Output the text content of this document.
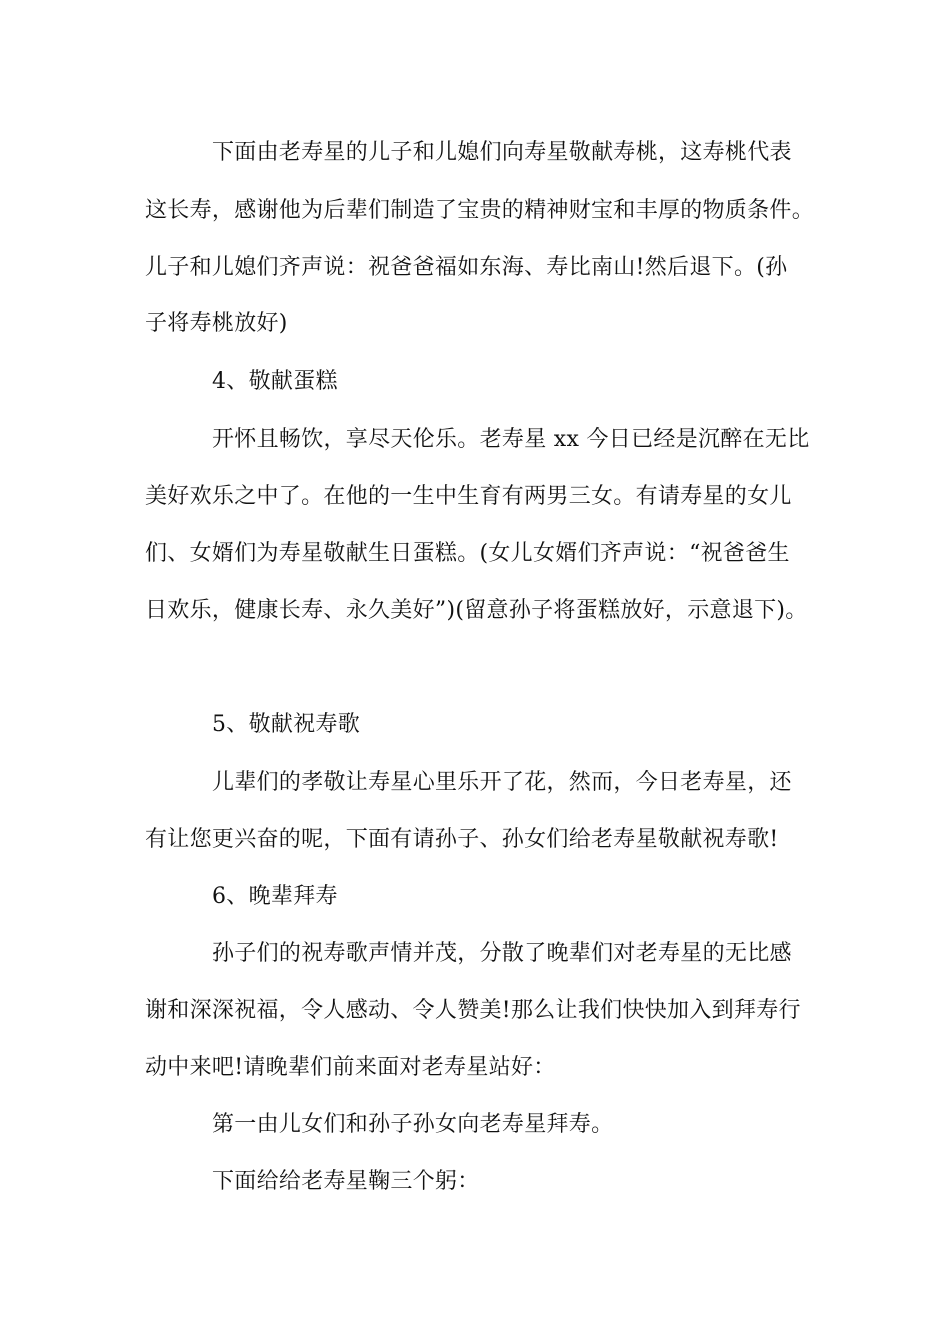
下面由老寿星的儿子和儿媳们向寿星敬献寿桃，这寿桃代表
这长寿，感谢他为后辈们制造了宝贵的精神财宝和丰厚的物质条件。
儿子和儿媳们齐声说：祝爸爸福如东海、寿比南山!然后退下。(孙
子将寿桃放好)
4、敬献蛋糕
开怀且畅饮，享尽天伦乐。老寿星 xx 今日已经是沉醉在无比
美好欢乐之中了。在他的一生中生育有两男三女。有请寿星的女儿
们、女婿们为寿星敬献生日蛋糕。(女儿女婿们齐声说：“祝爸爸生
日欢乐，健康长寿、永久美好”)(留意孙子将蛋糕放好，示意退下)。
5、敬献祝寿歌
儿辈们的孝敬让寿星心里乐开了花，然而，今日老寿星，还
有让您更兴奋的呢，下面有请孙子、孙女们给老寿星敬献祝寿歌!
6、晚辈拜寿
孙子们的祝寿歌声情并茂，分散了晚辈们对老寿星的无比感
谢和深深祝福，令人感动、令人赞美!那么让我们快快加入到拜寿行
动中来吧!请晚辈们前来面对老寿星站好：
第一由儿女们和孙子孙女向老寿星拜寿。
下面给给老寿星鞠三个躬：
